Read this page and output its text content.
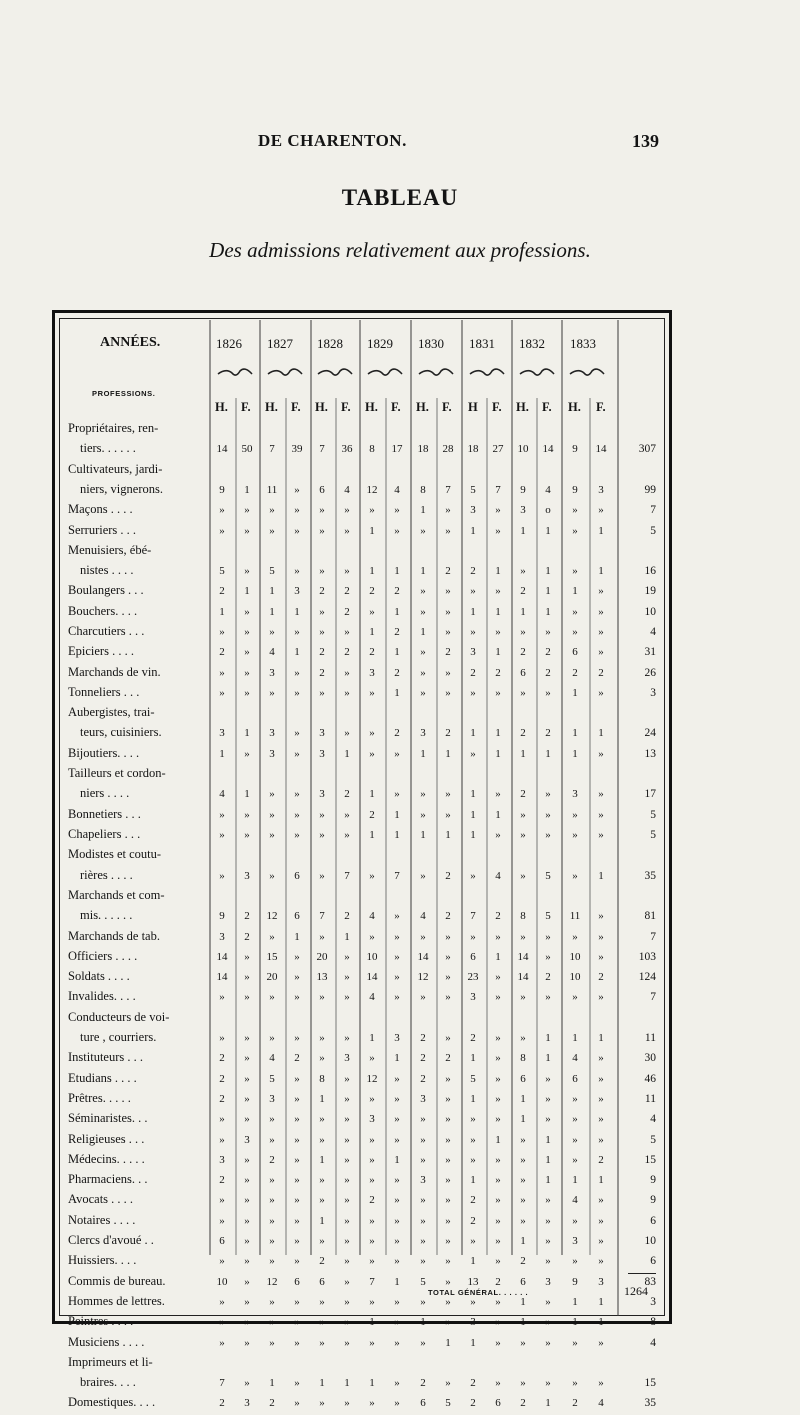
DE CHARENTON.	139
TABLEAU
Des admissions relativement aux professions.
ANNÉES.	1826 1827 1828 1829 1830 1831 1832 1833
PROFESSIONS.
H. F. H. F. H. F. H. F. H. F. H F. H. F. H. F.
Propriétaires, ren-
tiers. . . . . .	14	50	7	39	7	36	8	17	18	28	18	27	10	14	9	14	307
Cultivateurs, jardi-
niers, vignerons.	9	1	11	»	6	4	12	4	8	7	5	7	9	4	9	3	99
Maçons . . . .	»	»	»	»	»	»	»	»	1	»	3	»	3	o	»	»	7
Serruriers . . .	»	»	»	»	»	»	1	»	»	»	1	»	1	1	»	1	5
Menuisiers, ébé-
nistes . . . .	5	»	5	»	»	»	1	1	1	2	2	1	»	1	»	1	16
Boulangers . . .	2	1	1	3	2	2	2	2	»	»	»	»	2	1	1	»	19
Bouchers. . . .	1	»	1	1	»	2	»	1	»	»	1	1	1	1	»	»	10
Charcutiers . . .	»	»	»	»	»	»	1	2	1	»	»	»	»	»	»	»	4
Epiciers . . . .	2	»	4	1	2	2	2	1	»	2	3	1	2	2	6	»	31
Marchands de vin.	»	»	3	»	2	»	3	2	»	»	2	2	6	2	2	2	26
Tonneliers . . .	»	»	»	»	»	»	»	1	»	»	»	»	»	»	1	»	3
Aubergistes, trai-
teurs, cuisiniers.	3	1	3	»	3	»	»	2	3	2	1	1	2	2	1	1	24
Bijoutiers. . . .	1	»	3	»	3	1	»	»	1	1	»	1	1	1	1	»	13
Tailleurs et cordon-
niers . . . .	4	1	»	»	3	2	1	»	»	»	1	»	2	»	3	»	17
Bonnetiers . . .	»	»	»	»	»	»	2	1	»	»	1	1	»	»	»	»	5
Chapeliers . . .	»	»	»	»	»	»	1	1	1	1	1	»	»	»	»	»	5
Modistes et coutu-
rières . . . .	»	3	»	6	»	7	»	7	»	2	»	4	»	5	»	1	35
Marchands et com-
mis. . . . . .	9	2	12	6	7	2	4	»	4	2	7	2	8	5	11	»	81
Marchands de tab.	3	2	»	1	»	1	»	»	»	»	»	»	»	»	»	»	7
Officiers . . . .	14	»	15	»	20	»	10	»	14	»	6	1	14	»	10	»	103
Soldats . . . .	14	»	20	»	13	»	14	»	12	»	23	»	14	2	10	2	124
Invalides. . . .	»	»	»	»	»	»	4	»	»	»	3	»	»	»	»	»	7
Conducteurs de voi-
ture , courriers.	»	»	»	»	»	»	1	3	2	»	2	»	»	1	1	1	11
Instituteurs . . .	2	»	4	2	»	3	»	1	2	2	1	»	8	1	4	»	30
Etudians . . . .	2	»	5	»	8	»	12	»	2	»	5	»	6	»	6	»	46
Prêtres. . . . .	2	»	3	»	1	»	»	»	3	»	1	»	1	»	»	»	11
Séminaristes. . .	»	»	»	»	»	»	3	»	»	»	»	»	1	»	»	»	4
Religieuses . . .	»	3	»	»	»	»	»	»	»	»	»	1	»	1	»	»	5
Médecins. . . . .	3	»	2	»	1	»	»	1	»	»	»	»	»	1	»	2	15
Pharmaciens. . .	2	»	»	»	»	»	»	»	3	»	1	»	»	1	1	1	9
Avocats . . . .	»	»	»	»	»	»	2	»	»	»	2	»	»	»	4	»	9
Notaires . . . .	»	»	»	»	1	»	»	»	»	»	2	»	»	»	»	»	6
Clercs d'avoué . .	6	»	»	»	»	»	»	»	»	»	»	»	1	»	3	»	10
Huissiers. . . .	»	»	»	»	2	»	»	»	»	»	1	»	2	»	»	»	6
Commis de bureau.	10	»	12	6	6	»	7	1	5	»	13	2	6	3	9	3	83
Hommes de lettres.	»	»	»	»	»	»	»	»	»	»	»	»	1	»	1	1	3
Peintres . . . .	»	»	»	»	»	»	1	»	1	»	3	»	1	»	1	1	8
Musiciens . . . .	»	»	»	»	»	»	»	»	»	1	1	»	»	»	»	»	4
Imprimeurs et li-
braires. . . .	7	»	1	»	1	1	1	»	2	»	2	»	»	»	»	»	15
Domestiques. . . .	2	3	2	»	»	»	»	»	6	5	2	6	2	1	2	4	35
TOTAL GÉNÉRAL. . . . . .	1264
